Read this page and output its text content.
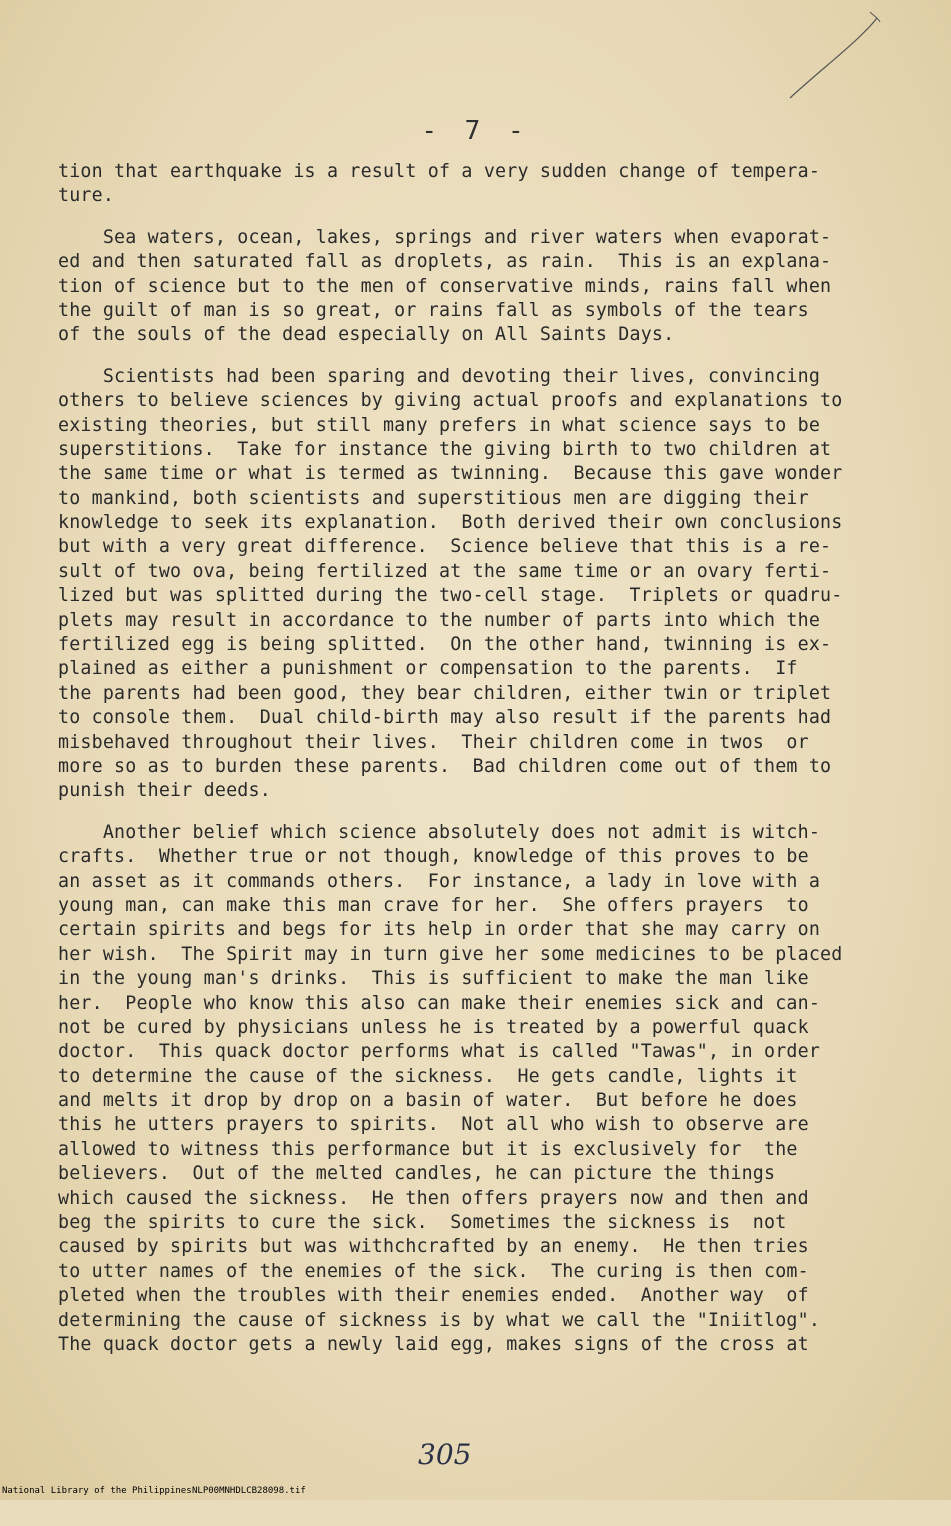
- 7 -
tion that earthquake is a result of a very sudden change of tempera-
ture.
Sea waters, ocean, lakes, springs and river waters when evaporat-
ed and then saturated fall as droplets, as rain.  This is an explana-
tion of science but to the men of conservative minds, rains fall when
the guilt of man is so great, or rains fall as symbols of the tears
of the souls of the dead especially on All Saints Days.
Scientists had been sparing and devoting their lives, convincing
others to believe sciences by giving actual proofs and explanations to
existing theories, but still many prefers in what science says to be
superstitions.  Take for instance the giving birth to two children at
the same time or what is termed as twinning.  Because this gave wonder
to mankind, both scientists and superstitious men are digging their
knowledge to seek its explanation.  Both derived their own conclusions
but with a very great difference.  Science believe that this is a re-
sult of two ova, being fertilized at the same time or an ovary ferti-
lized but was splitted during the two-cell stage.  Triplets or quadru-
plets may result in accordance to the number of parts into which the
fertilized egg is being splitted.  On the other hand, twinning is ex-
plained as either a punishment or compensation to the parents.  If
the parents had been good, they bear children, either twin or triplet
to console them.  Dual child-birth may also result if the parents had
misbehaved throughout their lives.  Their children come in twos  or
more so as to burden these parents.  Bad children come out of them to
punish their deeds.
Another belief which science absolutely does not admit is witch-
crafts.  Whether true or not though, knowledge of this proves to be
an asset as it commands others.  For instance, a lady in love with a
young man, can make this man crave for her.  She offers prayers  to
certain spirits and begs for its help in order that she may carry on
her wish.  The Spirit may in turn give her some medicines to be placed
in the young man's drinks.  This is sufficient to make the man like
her.  People who know this also can make their enemies sick and can-
not be cured by physicians unless he is treated by a powerful quack
doctor.  This quack doctor performs what is called "Tawas", in order
to determine the cause of the sickness.  He gets candle, lights it
and melts it drop by drop on a basin of water.  But before he does
this he utters prayers to spirits.  Not all who wish to observe are
allowed to witness this performance but it is exclusively for  the
believers.  Out of the melted candles, he can picture the things
which caused the sickness.  He then offers prayers now and then and
beg the spirits to cure the sick.  Sometimes the sickness is  not
caused by spirits but was withchcrafted by an enemy.  He then tries
to utter names of the enemies of the sick.  The curing is then com-
pleted when the troubles with their enemies ended.  Another way  of
determining the cause of sickness is by what we call the "Iniitlog".
The quack doctor gets a newly laid egg, makes signs of the cross at
305

National Library of the Philippines

NLP00MNHDLCB28098.tif
